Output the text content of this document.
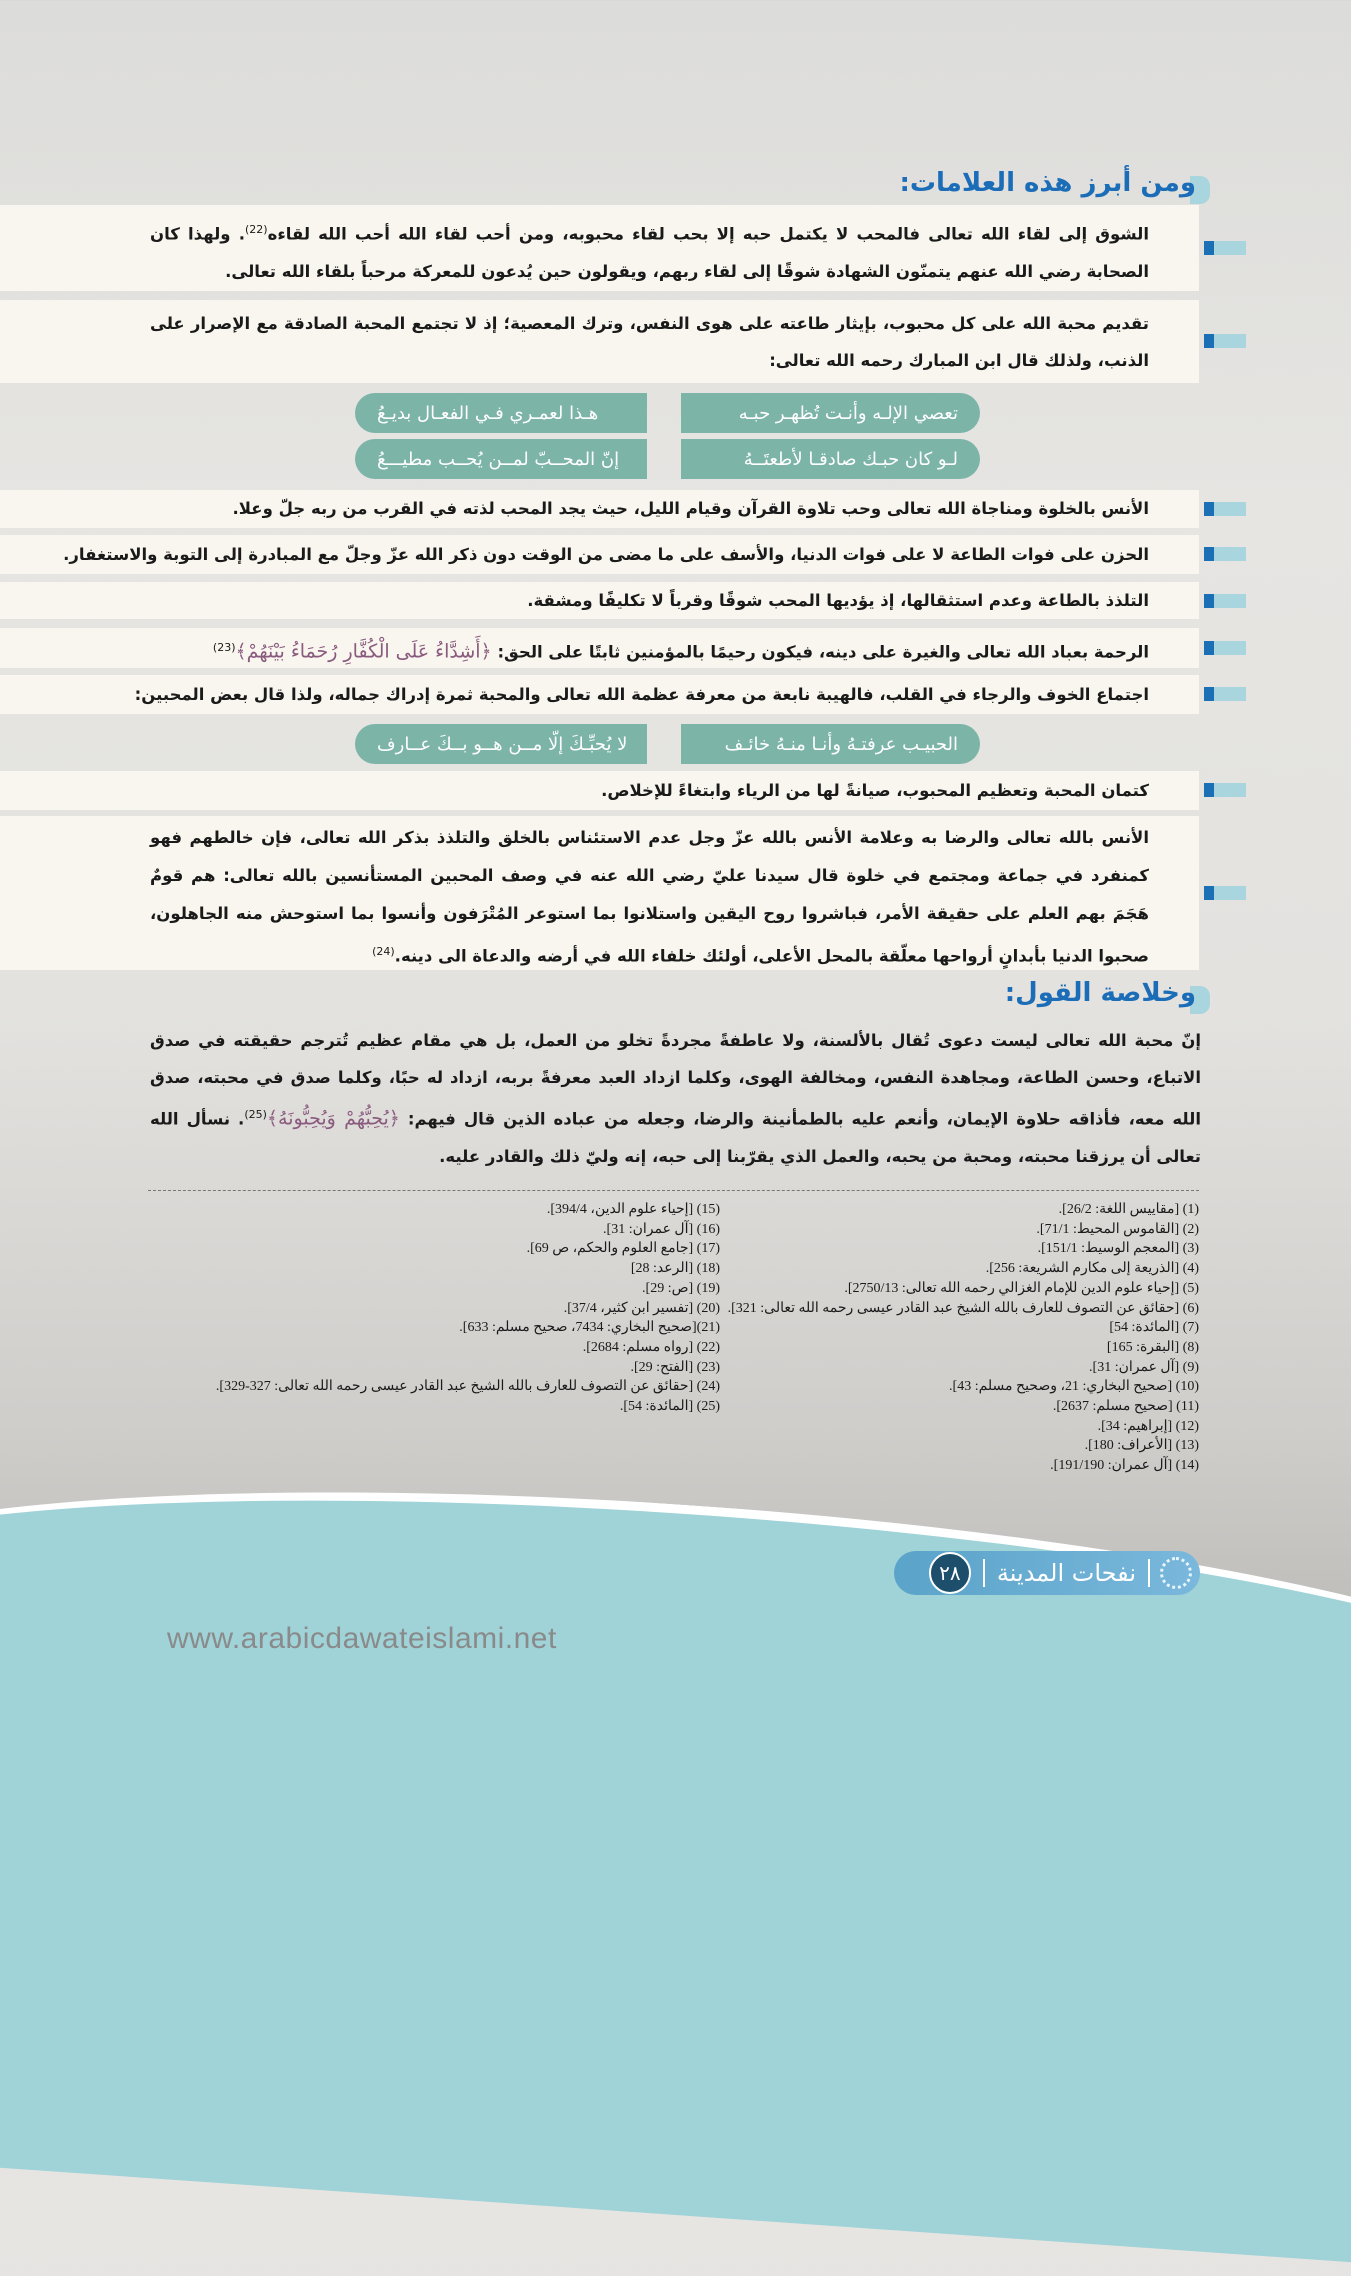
ومن أبرز هذه العلامات:

الشوق إلى لقاء الله تعالى فالمحب لا يكتمل حبه إلا بحب لقاء محبوبه، ومن أحب لقاء الله أحب الله لقاءه$^{(22)}$. ولهذا كان الصحابة رضي الله عنهم يتمنّون الشهادة شوقًا إلى لقاء ربهم، ويقولون حين يُدعون للمعركة مرحباً بلقاء الله تعالى.

تقديم محبة الله على كل محبوب، بإيثار طاعته على هوى النفس، وترك المعصية؛ إذ لا تجتمع المحبة الصادقة مع الإصرار على الذنب، ولذلك قال ابن المبارك رحمه الله تعالى:

تعصي الإلـه وأنـت تُظهـر حبـه
هـذا لعمـري فـي الفعـال بديـعُ
لـو كان حبـك صادقـا لأطعتَــهُ
إنّ المحــبّ لمــن يُحــب مطيـــعُ

الأنس بالخلوة ومناجاة الله تعالى وحب تلاوة القرآن وقيام الليل، حيث يجد المحب لذته في القرب من ربه جلّ وعلا.

الحزن على فوات الطاعة لا على فوات الدنيا، والأسف على ما مضى من الوقت دون ذكر الله عزّ وجلّ مع المبادرة إلى التوبة والاستغفار.

التلذذ بالطاعة وعدم استثقالها، إذ يؤديها المحب شوقًا وقرباً لا تكليفًا ومشقة.

الرحمة بعباد الله تعالى والغيرة على دينه، فيكون رحيمًا بالمؤمنين ثابتًا على الحق: ﴿أَشِدَّاءُ عَلَى الْكُفَّارِ رُحَمَاءُ بَيْنَهُمْ﴾$^{(23)}$

اجتماع الخوف والرجاء في القلب، فالهيبة نابعة من معرفة عظمة الله تعالى والمحبة ثمرة إدراك جماله، ولذا قال بعض المحبين:

الحبيـب عرفتـهُ وأنـا منـهُ خائـف
لا يُحبِّـكَ إلّا مــن هــو بــكَ عــارف

كتمان المحبة وتعظيم المحبوب، صيانةً لها من الرياء وابتغاءً للإخلاص.

الأنس بالله تعالى والرضا به وعلامة الأنس بالله عزّ وجل عدم الاستئناس بالخلق والتلذذ بذكر الله تعالى، فإن خالطهم فهو كمنفرد في جماعة ومجتمع في خلوة قال سيدنا عليّ رضي الله عنه في وصف المحبين المستأنسين بالله تعالى: هم قومٌ هَجَمَ بهم العلم على حقيقة الأمر، فباشروا روح اليقين واستلانوا بما استوعر المُتْرَفون وأنسوا بما استوحش منه الجاهلون، صحبوا الدنيا بأبدانٍ أرواحها معلّقة بالمحل الأعلى، أولئك خلفاء الله في أرضه والدعاة الى دينه.$^{(24)}$

وخلاصة القول:
إنّ محبة الله تعالى ليست دعوى تُقال بالألسنة، ولا عاطفةً مجردةً تخلو من العمل، بل هي مقام عظيم تُترجم حقيقته في صدق الاتباع، وحسن الطاعة، ومجاهدة النفس، ومخالفة الهوى، وكلما ازداد العبد معرفةً بربه، ازداد له حبًا، وكلما صدق في محبته، صدق الله معه، فأذاقه حلاوة الإيمان، وأنعم عليه بالطمأنينة والرضا، وجعله من عباده الذين قال فيهم: ﴿يُحِبُّهُمْ وَيُحِبُّونَهُ﴾$^{(25)}$. نسأل الله تعالى أن يرزقنا محبته، ومحبة من يحبه، والعمل الذي يقرّبنا إلى حبه، إنه وليّ ذلك والقادر عليه.
(1) [مقاييس اللغة: 26/2].
(2) [القاموس المحيط: 71/1].
(3) [المعجم الوسيط: 151/1].
(4) [الذريعة إلى مكارم الشريعة: 256].
(5) [إحياء علوم الدين للإمام الغزالي رحمه الله تعالى: 2750/13].
(6) [حقائق عن التصوف للعارف بالله الشيخ عبد القادر عيسى رحمه الله تعالى: 321].
(7) [المائدة: 54]
(8) [البقرة: 165]
(9) [آل عمران: 31].
(10) [صحيح البخاري: 21، وصحيح مسلم: 43].
(11) [صحيح مسلم: 2637].
(12) [إبراهيم: 34].
(13) [الأعراف: 180].
(14) [آل عمران: 191/190].
(15) [إحياء علوم الدين، 394/4].
(16) [آل عمران: 31].
(17) [جامع العلوم والحكم، ص 69].
(18) [الرعد: 28]
(19) [ص: 29].
(20) [تفسير ابن كثير، 37/4].
(21)[صحيح البخاري: 7434، صحيح مسلم: 633].
(22) [رواه مسلم: 2684].
(23) [الفتح: 29].
(24) [حقائق عن التصوف للعارف بالله الشيخ عبد القادر عيسى رحمه الله تعالى: 327-329].
(25) [المائدة: 54].
نفحات المدينة
٢٨
www.arabicdawateislami.net
